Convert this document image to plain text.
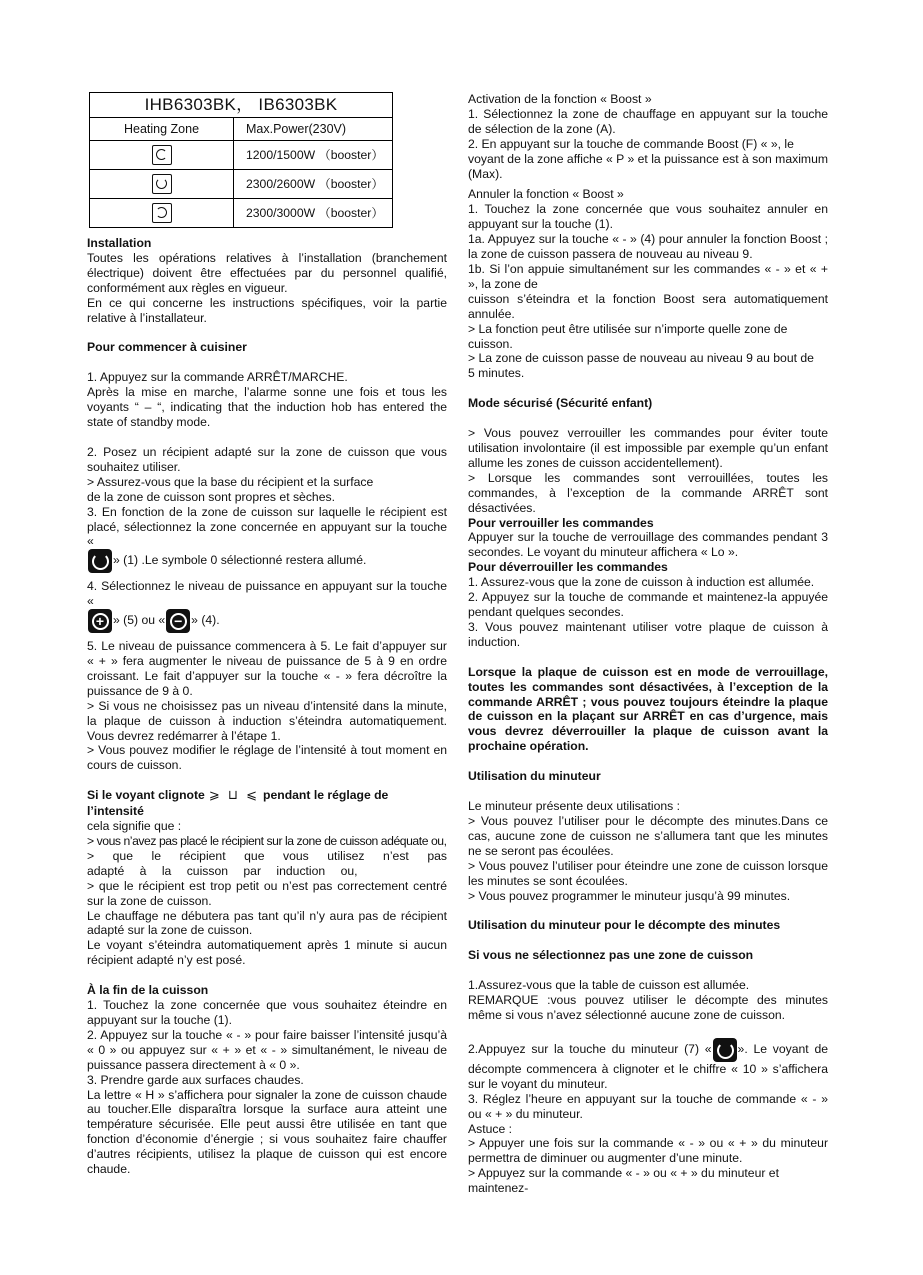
IHB6303BK， IB6303BK	
Heating Zone	Max.Power(230V)

	1200/1500W （booster）

	2300/2600W （booster）

	2300/3000W （booster）

Installation

Toutes les opérations relatives à l’installation (branchement électrique) doivent être effectuées par du personnel qualifié, conformément aux règles en vigueur.

En ce qui concerne les instructions spécifiques, voir la partie relative à l’installateur.

Pour commencer à cuisiner

1. Appuyez sur la commande ARRÊT/MARCHE.

Après la mise en marche, l’alarme sonne une fois et tous les voyants “ – “, indicating that the induction hob has entered the state of standby mode.

2. Posez un récipient adapté sur la zone de cuisson que vous souhaitez utiliser.

> Assurez-vous que la base du récipient et la surface

de la zone de cuisson sont propres et sèches.

3. En fonction de la zone de cuisson sur laquelle le récipient est placé, sélectionnez la zone concernée en appuyant sur la touche «

» (1) .Le symbole 0 sélectionné restera allumé.

4. Sélectionnez le niveau de puissance en appuyant sur la touche «

+ » (5) ou « − » (4).

5. Le niveau de puissance commencera à 5. Le fait d’appuyer sur « + » fera augmenter le niveau de puissance de 5 à 9 en ordre croissant. Le fait d’appuyer sur la touche « - » fera décroître la puissance de 9 à 0.

> Si vous ne choisissez pas un niveau d’intensité dans la minute, la plaque de cuisson à induction s’éteindra automatiquement. Vous devrez redémarrer à l’étape 1.

> Vous pouvez modifier le réglage de l’intensité à tout moment en cours de cuisson.

Si le voyant clignote ⩾ ⊔ ⩽ pendant le réglage de l’intensité

cela signifie que :

> vous n’avez pas placé le récipient sur la zone de cuisson adéquate ou,

> que le récipient que vous utilisez n’est pas adapté à la cuisson par induction ou,

> que le récipient est trop petit ou n’est pas correctement centré sur la zone de cuisson.

Le chauffage ne débutera pas tant qu’il n’y aura pas de récipient adapté sur la zone de cuisson.

Le voyant s’éteindra automatiquement après 1 minute si aucun récipient adapté n’y est posé.

À la fin de la cuisson

1. Touchez la zone concernée que vous souhaitez éteindre en appuyant sur la touche (1).

2. Appuyez sur la touche « - » pour faire baisser l’intensité jusqu’à « 0 » ou appuyez sur « + » et « - » simultanément, le niveau de puissance passera directement à « 0 ».

3. Prendre garde aux surfaces chaudes.

La lettre « H » s’affichera pour signaler la zone de cuisson chaude au toucher.Elle disparaîtra lorsque la surface aura atteint une température sécurisée. Elle peut aussi être utilisée en tant que fonction d’économie d’énergie ; si vous souhaitez faire chauffer d’autres récipients, utilisez la plaque de cuisson qui est encore chaude.

Activation de la fonction « Boost »

1. Sélectionnez la zone de chauffage en appuyant sur la touche de sélection de la zone (A).

2. En appuyant sur la touche de commande Boost (F) « », le

voyant de la zone affiche « P » et la puissance est à son maximum (Max).

Annuler la fonction « Boost »

1. Touchez la zone concernée que vous souhaitez annuler en appuyant sur la touche (1).

1a. Appuyez sur la touche « - » (4) pour annuler la fonction Boost ; la zone de cuisson passera de nouveau au niveau 9.

1b. Si l’on appuie simultanément sur les commandes « - » et « + », la zone de

cuisson s’éteindra et la fonction Boost sera automatiquement annulée.

> La fonction peut être utilisée sur n’importe quelle zone de cuisson.

> La zone de cuisson passe de nouveau au niveau 9 au bout de

5 minutes.

Mode sécurisé (Sécurité enfant)

> Vous pouvez verrouiller les commandes pour éviter toute utilisation involontaire (il est impossible par exemple qu’un enfant allume les zones de cuisson accidentellement).

> Lorsque les commandes sont verrouillées, toutes les commandes, à l’exception de la commande ARRÊT sont désactivées.

Pour verrouiller les commandes

Appuyer sur la touche de verrouillage des commandes pendant 3 secondes. Le voyant du minuteur affichera « Lo ».

Pour déverrouiller les commandes

1. Assurez-vous que la zone de cuisson à induction est allumée.

2. Appuyez sur la touche de commande et maintenez-la appuyée pendant quelques secondes.

3. Vous pouvez maintenant utiliser votre plaque de cuisson à induction.

Lorsque la plaque de cuisson est en mode de verrouillage, toutes les commandes sont désactivées, à l’exception de la commande ARRÊT ; vous pouvez toujours éteindre la plaque de cuisson en la plaçant sur ARRÊT en cas d’urgence, mais vous devrez déverrouiller la plaque de cuisson avant la prochaine opération.

Utilisation du minuteur

Le minuteur présente deux utilisations :

> Vous pouvez l’utiliser pour le décompte des minutes.Dans ce cas, aucune zone de cuisson ne s’allumera tant que les minutes ne se seront pas écoulées.

> Vous pouvez l’utiliser pour éteindre une zone de cuisson lorsque les minutes se sont écoulées.

> Vous pouvez programmer le minuteur jusqu’à 99 minutes.

Utilisation du minuteur pour le décompte des minutes

Si vous ne sélectionnez pas une zone de cuisson

1.Assurez-vous que la table de cuisson est allumée.

REMARQUE :vous pouvez utiliser le décompte des minutes même si vous n’avez sélectionné aucune zone de cuisson.

2.Appuyez sur la touche du minuteur (7) « ». Le voyant de décompte commencera à clignoter et le chiffre « 10 » s’affichera sur le voyant du minuteur.

3. Réglez l’heure en appuyant sur la touche de commande « - » ou « + » du minuteur.

Astuce :

> Appuyer une fois sur la commande « - » ou « + » du minuteur permettra de diminuer ou augmenter d’une minute.

> Appuyez sur la commande « - » ou « + » du minuteur et maintenez-
